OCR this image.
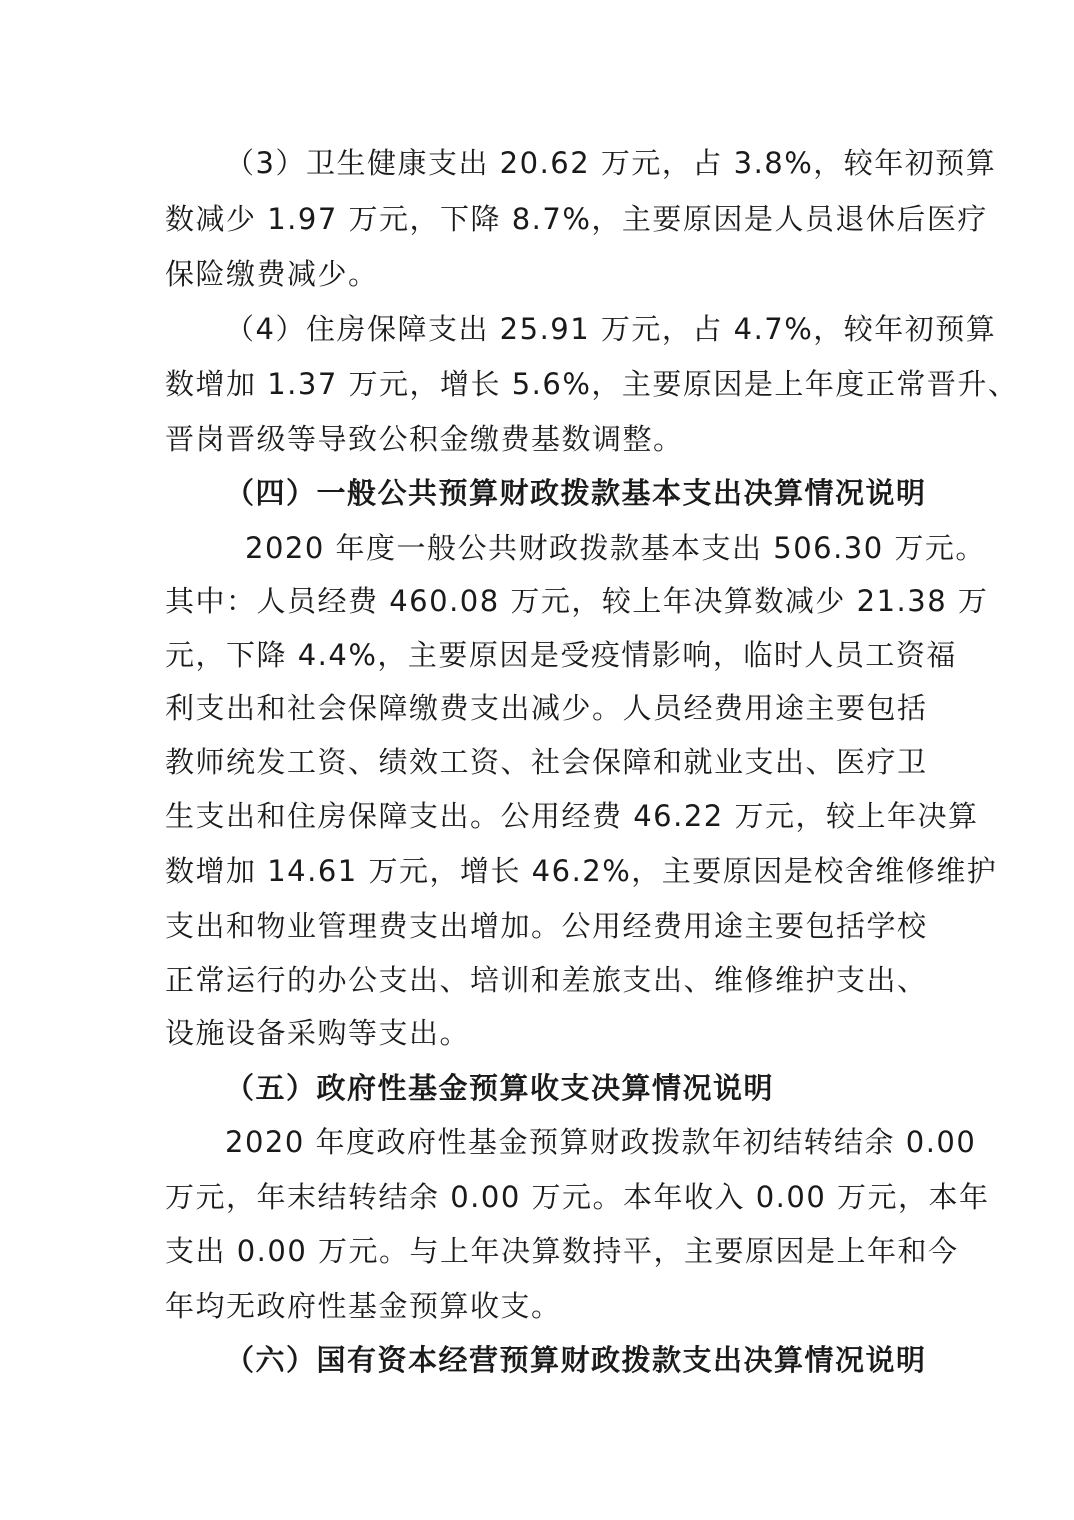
（3）卫生健康支出 20.62 万元，占 3.8%，较年初预算
数减少 1.97 万元，下降 8.7%，主要原因是人员退休后医疗
保险缴费减少。
（4）住房保障支出 25.91 万元，占 4.7%，较年初预算
数增加 1.37 万元，增长 5.6%，主要原因是上年度正常晋升、
晋岗晋级等导致公积金缴费基数调整。
（四）一般公共预算财政拨款基本支出决算情况说明
2020 年度一般公共财政拨款基本支出 506.30 万元。
其中：人员经费 460.08 万元，较上年决算数减少 21.38 万
元，下降 4.4%，主要原因是受疫情影响，临时人员工资福
利支出和社会保障缴费支出减少。人员经费用途主要包括
教师统发工资、绩效工资、社会保障和就业支出、医疗卫
生支出和住房保障支出。公用经费 46.22 万元，较上年决算
数增加 14.61 万元，增长 46.2%，主要原因是校舍维修维护
支出和物业管理费支出增加。公用经费用途主要包括学校
正常运行的办公支出、培训和差旅支出、维修维护支出、
设施设备采购等支出。
（五）政府性基金预算收支决算情况说明
2020 年度政府性基金预算财政拨款年初结转结余 0.00
万元，年末结转结余 0.00 万元。本年收入 0.00 万元，本年
支出 0.00 万元。与上年决算数持平，主要原因是上年和今
年均无政府性基金预算收支。
（六）国有资本经营预算财政拨款支出决算情况说明
